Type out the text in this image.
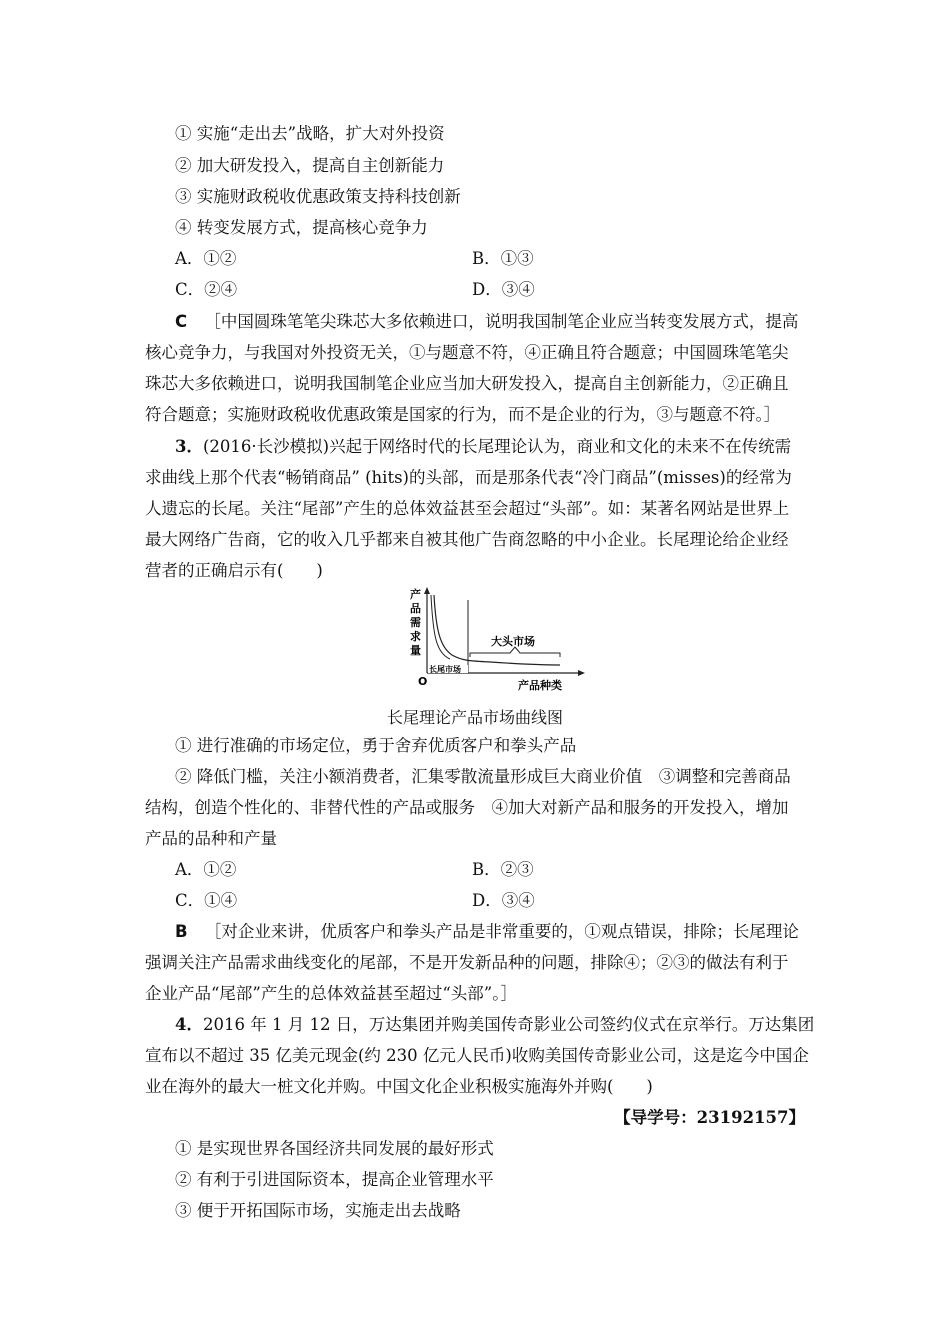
① 实施“走出去”战略，扩大对外投资
② 加大研发投入，提高自主创新能力
③ 实施财政税收优惠政策支持科技创新
④ 转变发展方式，提高核心竞争力
A．①②	B．①③
C．②④	D．③④
C ［中国圆珠笔笔尖珠芯大多依赖进口，说明我国制笔企业应当转变发展方式，提高
核心竞争力，与我国对外投资无关，①与题意不符，④正确且符合题意；中国圆珠笔笔尖
珠芯大多依赖进口，说明我国制笔企业应当加大研发投入，提高自主创新能力，②正确且
符合题意；实施财政税收优惠政策是国家的行为，而不是企业的行为，③与题意不符。］
3．(2016·长沙模拟)兴起于网络时代的长尾理论认为，商业和文化的未来不在传统需
求曲线上那个代表“畅销商品” (hits)的头部，而是那条代表“冷门商品”(misses)的经常为
人遗忘的长尾。关注“尾部”产生的总体效益甚至会超过“头部”。如：某著名网站是世界上
最大网络广告商，它的收入几乎都来自被其他广告商忽略的中小企业。长尾理论给企业经
营者的正确启示有(　　)
产
品
需
求
量
大头市场
长尾市场
O	产品种类
长尾理论产品市场曲线图
① 进行准确的市场定位，勇于舍弃优质客户和拳头产品
② 降低门槛，关注小额消费者，汇集零散流量形成巨大商业价值　③调整和完善商品
结构，创造个性化的、非替代性的产品或服务　④加大对新产品和服务的开发投入，增加
产品的品种和产量
A．①②	B．②③
C．①④	D．③④
B ［对企业来讲，优质客户和拳头产品是非常重要的，①观点错误，排除；长尾理论
强调关注产品需求曲线变化的尾部，不是开发新品种的问题，排除④；②③的做法有利于
企业产品“尾部”产生的总体效益甚至超过“头部”。］
4．2016 年 1 月 12 日，万达集团并购美国传奇影业公司签约仪式在京举行。万达集团
宣布以不超过 35 亿美元现金(约 230 亿元人民币)收购美国传奇影业公司，这是迄今中国企
业在海外的最大一桩文化并购。中国文化企业积极实施海外并购(　　)
【导学号：23192157】
① 是实现世界各国经济共同发展的最好形式
② 有利于引进国际资本，提高企业管理水平
③ 便于开拓国际市场，实施走出去战略
